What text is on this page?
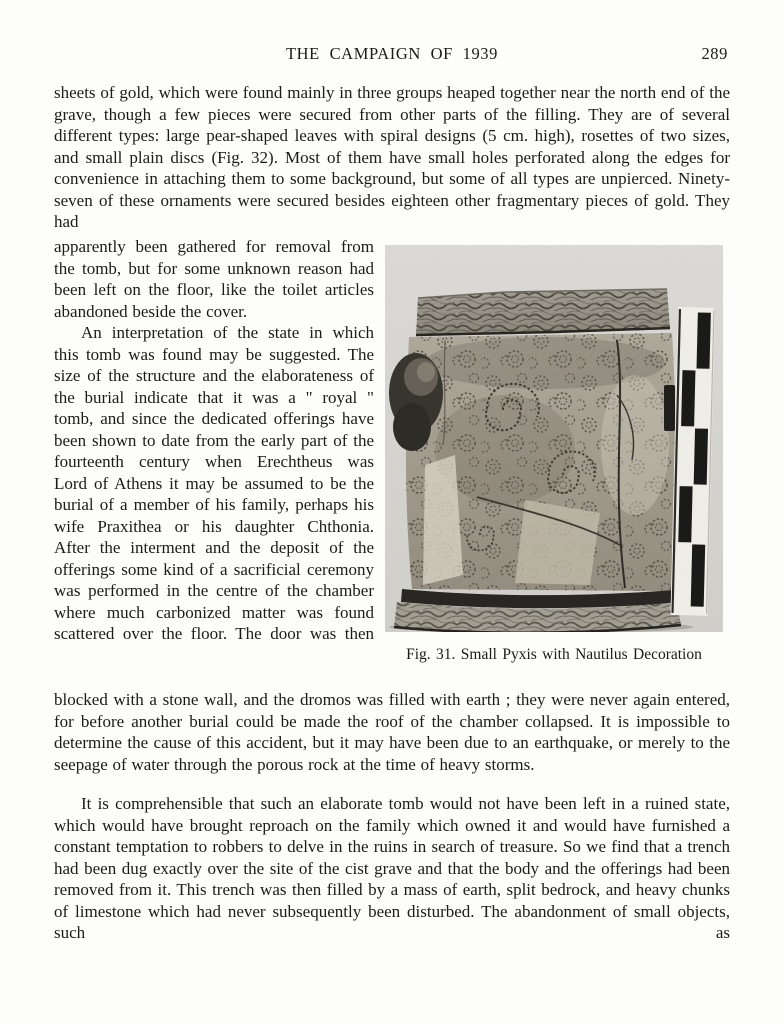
THE CAMPAIGN OF 1939	289
sheets of gold, which were found mainly in three groups heaped together near the north end of the grave, though a few pieces were secured from other parts of the filling. They are of several different types: large pear-shaped leaves with spiral designs (5 cm. high), rosettes of two sizes, and small plain discs (Fig. 32). Most of them have small holes perforated along the edges for convenience in attaching them to some background, but some of all types are unpierced. Ninety-seven of these ornaments were secured besides eighteen other fragmentary pieces of gold. They had
apparently been gathered for removal from the tomb, but for some unknown reason had been left on the floor, like the toilet articles abandoned beside the cover.
An interpretation of the state in which this tomb was found may be suggested. The size of the structure and the elaborateness of the burial indicate that it was a " royal " tomb, and since the dedicated offerings have been shown to date from the early part of the fourteenth century when Erechtheus was Lord of Athens it may be assumed to be the burial of a member of his family, perhaps his wife Praxithea or his daughter Chthonia. After the interment and the deposit of the offerings some kind of a sacrificial ceremony was performed in the centre of the chamber where much carbonized matter was found scattered over the floor. The door was then
blocked with a stone wall, and the dromos was filled with earth ; they were never again entered, for before another burial could be made the roof of the chamber collapsed. It is impossible to determine the cause of this accident, but it may have been due to an earthquake, or merely to the seepage of water through the porous rock at the time of heavy storms.
It is comprehensible that such an elaborate tomb would not have been left in a ruined state, which would have brought reproach on the family which owned it and would have furnished a constant temptation to robbers to delve in the ruins in search of treasure. So we find that a trench had been dug exactly over the site of the cist grave and that the body and the offerings had been removed from it. This trench was then filled by a mass of earth, split bedrock, and heavy chunks of limestone which had never subsequently been disturbed. The abandonment of small objects, such as
Fig. 31. Small Pyxis with Nautilus Decoration
